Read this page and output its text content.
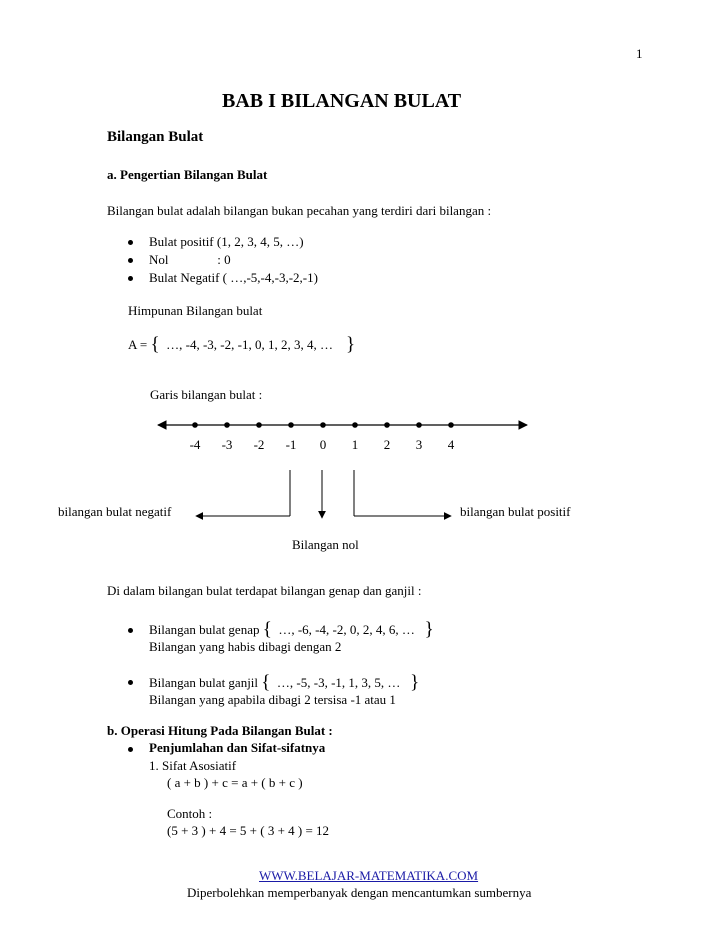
1
BAB I BILANGAN BULAT
Bilangan Bulat
a. Pengertian Bilangan Bulat
Bilangan bulat adalah bilangan bukan pecahan yang terdiri dari bilangan :
Bulat positif (1, 2, 3, 4, 5, …)
Nol               : 0
Bulat Negatif ( …,-5,-4,-3,-2,-1)
Himpunan Bilangan bulat
A = { …, -4, -3, -2, -1, 0, 1, 2, 3, 4, … }
Garis bilangan bulat :
-4	-3	-2	-1	0	1	2	3	4
bilangan bulat negatif	bilangan bulat positif
Bilangan nol
Di dalam bilangan bulat terdapat bilangan genap dan ganjil :
Bilangan bulat genap { …, -6, -4, -2, 0, 2, 4, 6, … }
Bilangan yang habis dibagi dengan 2
Bilangan bulat ganjil { …, -5, -3, -1, 1, 3, 5, … }
Bilangan yang apabila dibagi 2 tersisa -1 atau 1
b. Operasi Hitung Pada Bilangan Bulat :
Penjumlahan dan Sifat-sifatnya
1. Sifat Asosiatif
( a + b ) + c = a + ( b + c )
Contoh :
(5 + 3 ) + 4 = 5 + ( 3 + 4 ) = 12
WWW.BELAJAR-MATEMATIKA.COM
Diperbolehkan memperbanyak dengan mencantumkan sumbernya
